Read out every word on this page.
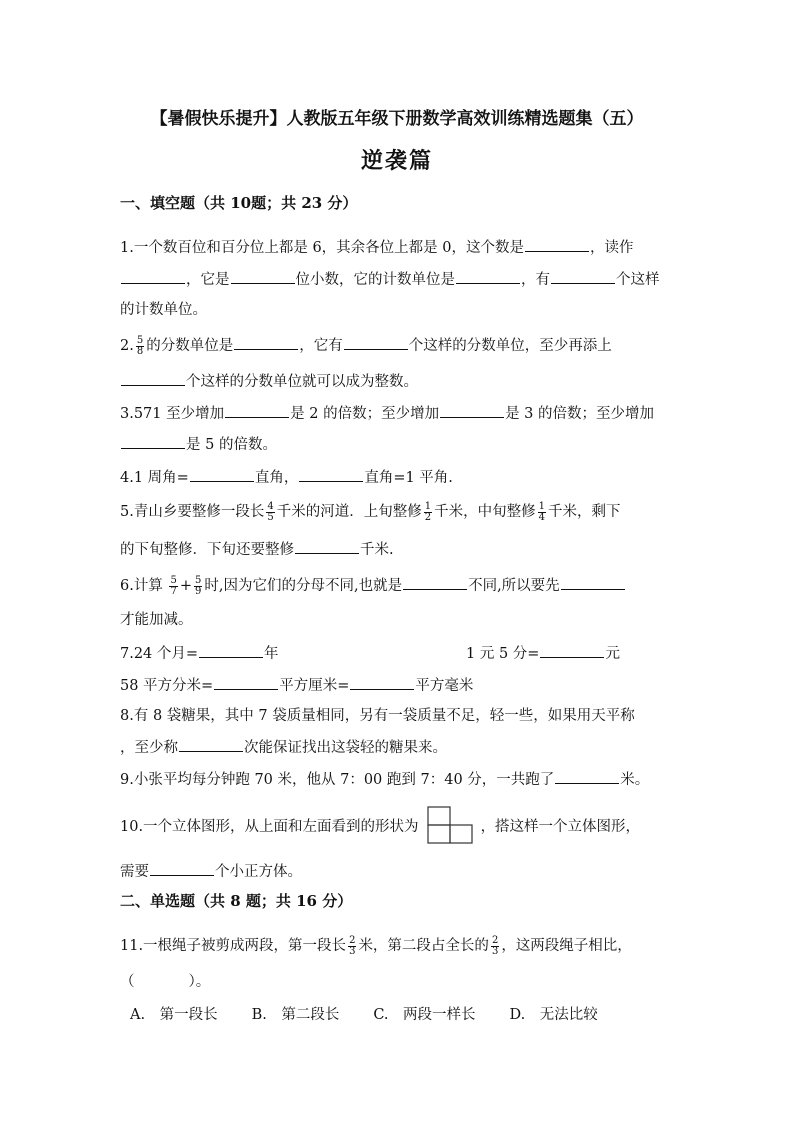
【暑假快乐提升】人教版五年级下册数学高效训练精选题集（五）
逆袭篇
一、填空题（共 10题；共 23 分）
1.一个数百位和百分位上都是 6，其余各位上都是 0，这个数是	，读作
，它是	位小数，它的计数单位是	，有	个这样
的计数单位。
2. $\frac{5}{8}$ 的分数单位是	，它有	个这样的分数单位，至少再添上
个这样的分数单位就可以成为整数。
3.571 至少增加	是 2 的倍数；至少增加	是 3 的倍数；至少增加
是 5 的倍数。
4.1 周角=	直角，	直角=1 平角.
5.青山乡要整修一段长 $\frac{4}{5}$ 千米的河道．上旬整修 $\frac{1}{2}$ 千米，中旬整修 $\frac{1}{4}$ 千米，剩下
的下旬整修．下旬还要整修	千米.
6.计算 $\frac{5}{7} + \frac{5}{9}$ 时,因为它们的分母不同,也就是	不同,所以要先
才能加减。
7.24 个月=	年	1 元 5 分=	元
58 平方分米=	平方厘米=	平方毫米
8.有 8 袋糖果，其中 7 袋质量相同，另有一袋质量不足，轻一些，如果用天平称
，至少称	次能保证找出这袋轻的糖果来。
9.小张平均每分钟跑 70 米，他从 7：00 跑到 7：40 分，一共跑了	米。
10.一个立体图形，从上面和左面看到的形状为	，搭这样一个立体图形，
需要	个小正方体。
二、单选题（共 8 题；共 16 分）
11.一根绳子被剪成两段，第一段长 $\frac{2}{3}$ 米，第二段占全长的 $\frac{2}{3}$ ，这两段绳子相比，
（	）。
A.　第一段长 B.　第二段长 C.　两段一样长 D.　无法比较
